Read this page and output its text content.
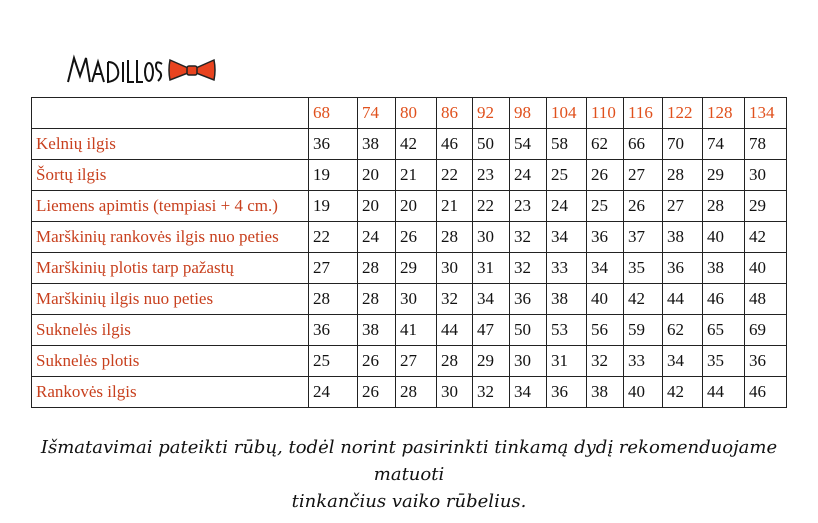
	68	74	80	86	92	98	104	110	116	122	128	134
Kelnių ilgis	36	38	42	46	50	54	58	62	66	70	74	78
Šortų ilgis	19	20	21	22	23	24	25	26	27	28	29	30
Liemens apimtis (tempiasi + 4 cm.)	19	20	20	21	22	23	24	25	26	27	28	29
Marškinių rankovės ilgis nuo peties	22	24	26	28	30	32	34	36	37	38	40	42
Marškinių plotis tarp pažastų	27	28	29	30	31	32	33	34	35	36	38	40
Marškinių ilgis nuo peties	28	28	30	32	34	36	38	40	42	44	46	48
Suknelės ilgis	36	38	41	44	47	50	53	56	59	62	65	69
Suknelės plotis	25	26	27	28	29	30	31	32	33	34	35	36
Rankovės ilgis	24	26	28	30	32	34	36	38	40	42	44	46
Išmatavimai pateikti rūbų, todėl norint pasirinkti tinkamą dydį rekomenduojame matuoti
tinkančius vaiko rūbelius.
